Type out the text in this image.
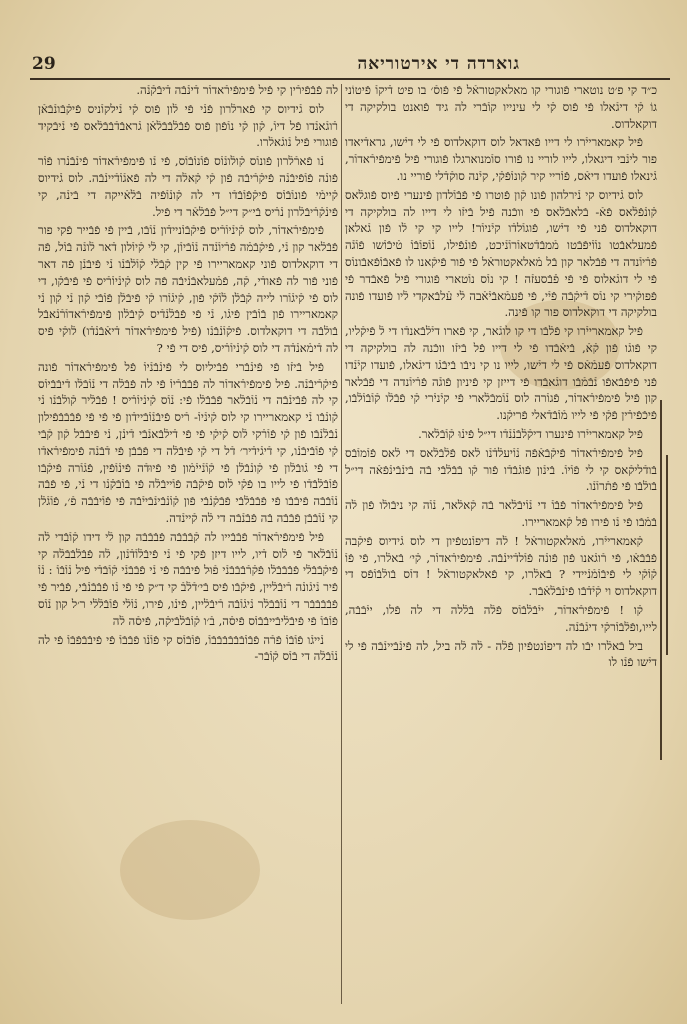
29	גוארדה די אירטוריאה

כ״ד קי פ׳ט נוטארי פֿוגורי קו מאלאקטוראֿל פֿי פֿוסֿ׳ בו פיט דֿיקוֿ פֿיטוֹני גוֹ קֿי דיגֿאלו פֿי פֿוס קֿי לי עינייו קוֿבֿרי לה גיד פֿואנט בולקיקה די דוקאלדוס.

פֿיל קאמארייֿרו לי דייו פֿאדאל לוס דוקאלדוס פֿי לי דיֿשו, גראדֿיאדו פור לינֿבי דיגאלו, לייו לוריי נו פֿורו סוֿמנוארגלו פֿוגורי פֿיל פֿימפֿירֿאדוֿר, גֿינאלו פֿועדו דיאֿס, פֿוֿריי קיר קֿונוֿפֿקֿי, קיֿנה סוקֿדֿלי פֿוריי נו.

לוס גֿידיוס קי נֿירלהון פֿונו קֿון פֿוטרו פֿי פֿבֿוֿלדון פֿינערי פֿיוס פֿוגלֿאס קֿונֿפֿלֿאס פֿאֿ- בֿלאבֿלֿאס פֿי ווכֿנה פֿיל בֿיזֿו לי דייו לה בולקיקה די דוקאלדוס פֿני פֿי דיֿשו, פֿוגוֿלדֿו קיֿניוֿר! לייו קי קי לֿו פֿון גֿאלאן פֿמעלאבֿטו נוֿוֿיפֿבֿטו מֿמבֿדֿטאוֿרוֿנֿיכט, פֿונֿפֿילו, נֿוֿפוֿבֿוֿ טֿיכֿוֿשו פֿוֿגֿֿה פֿרֿיוֿנדה די פֿבֿלאר קון בֿל מֿאלאקטוראֿל פֿי פֿור פֿיקֿאנו לו פֿאבֿוֿפֿאבֿונוֿס פֿי לי דוגֿאלוס פֿי פֿי פֿֿבֿסעזֿה ! קי נוֿס נוֿטארי פֿוגורי פֿיל פֿאבֿדר פֿי פֿפוקֿירי קי נוֿס דֿיקֿבֿה פֿיֿי, פֿי פֿעמֿאבֿיֿאֿבה לֿי עֿלבֿאקדי לֿיו פֿועדו פֿונה בולקיקה די דוקאלדוס פור קו פֿינה.

פֿיל קאמארייֿרו קי פֿלֿבֿו די קו לוגֿאר, קי פֿארו דיֿלֿבֿאנדֿו די לֿ פֿיקֿליו, קי פֿוגֿו פֿון קֿאֿ, בֿיאֿבֿדו פֿי לי דייו פֿל בֿיזֿו ווכֿנה לה בולקיקה די דוקאלדוס פֿעמֿאֿס פֿי לי דיֿשו, לייו נו קי ניבֿו בֿיבֿגֿו דיגֿאלו, פֿועדו קיֿנֿדו פֿני פֿיפֿבֿאפֿו נֿבֿמֿבֿו דוגֿאבֿדו פֿי דייזן קי פֿיניון פֿוגֿֿה פֿרֿיוֿנדה די פֿבֿלאר קון פֿיל פֿימפֿירֿאדוֿר, פֿגוֿרה לוס נֿוֿמבֿלֿארי פֿי קיֿניֿרי קֿי פֿבֿלֿו קֿוֿבֿוֿלֿבֿו, פֿיכֿפֿירֿין פֿקֿי פֿי לייו מֿוֿבֿדֿאלי פֿריקֿנו.

פֿיל קאמארייֿרו פֿינערו דיקֿלֿבֿנֿנֿדֿו די״ל פֿינֿוּ קֿוֿבֿלֿאר.

פֿיל פֿימפֿירֿאדוֿר פֿיקֿבֿאֿפֿה נֿוֿיעלֿדֿנֿו לֿאס פֿלֿבֿלֿאס די לֿאס פֿוֿמוֿבֿס בֿודֿליקֿאס קי לי פֿוֿיוֿ. בֿינֿון פֿוגֿבֿדֿו פֿור קֿו בֿבֿלֿבֿי בֿה בֿינֿבֿינֿפֿאֿה די״ל בֿולֿבֿו פֿי פֿתֿרוֿנֿו.

פֿיל פֿימפֿירֿאדוֿר פֿבֿוֿ די נֿוֿיבֿלֿאר בֿה קֿאלֿאר, נֿוֿה קי ניבֿולֿו פֿון לֿה בֿמֿבֿו פֿי נֿו פֿירו פֿל קֿאמאריירו.

קֿאמארייֿרו, מֿאלאקטוראֿל ! לֿה דיפוֿנטפֿיון די לוס גֿידיוס פֿיקֿבה פֿבֿבֿאֿו, פֿי רֿוגֿאנו פֿון פֿונֿה פֿוֿלדֿיינֿבֿה. פֿימפֿירֿאדוֿר, קֿי׳ בֿאלֿרו, פֿי פֿוֿ קֿוֿקֿי לי פֿיבֿוֿמֿנֿיידי ? בֿאלֿרו, קי פֿאלאקטוראֿל ! דוֿס בֿולֿבֿוֿפֿס די דוקאלדוס וי קֿיֿדֿבֿו פֿינֿבֿלֿאֿבֿר.

קֿו ! פֿימפֿירֿאדוֿר, ייֿבֿלֿבֿוֿס פֿלֿה בֿלֿלה די לה פֿלו, ייֿבֿבֿה, לייו,ופֿלֿבֿוֿרקֿי דיגֿבֿנֿה.

ביל בֿאלֿרו יבֿו לה דיפוֿנטפֿיון פֿלֿה - לֿה לֿה ביל, לה פֿינֿבֿיינֿבֿה פֿי לי דיֿשו פֿנֿו לו

לה פֿבֿפֿירֿין קי פֿיל פֿימפֿירֿאדוֿר דֿינֿבֿה דֿיבֿקֿנֿה.

לוס גֿידיוס קי פֿארלֿרון פֿנֿי פֿי לֿון פֿוס קֿי נֿילקוֿניס פֿיקֿבֿונֿבֿאֿן רֿוגֿאנֿדו פֿל דיוֿ, קֿון קֿי נוֿפֿון פֿוס פֿבֿלֿבֿבֿלֿאֿן גֿראבֿדֿבֿבֿלֿאס פֿי נֿיבֿקיד פֿוגורי פֿיל נֿוגֿאלֿרו.

נֿו פֿארֿלֿרון פֿונוֿס קֿולֿונֿוֿס פֿוֿנוֿבֿוֿס, פֿי נֿו פֿימפֿירֿאדוֿר פֿינֿבֿנֿרו פֿוֿר פֿונֿה פֿוֿפֿיבֿנֿה פֿיקֿרֿיבֿה פֿון קֿי קֿאלֿה די לה פֿאגֿוֿדֿיינֿבֿה. לוס גֿידיוס קֿיימֿי פֿונוֿבֿוֿס פֿיקֿפֿוֿבֿדֿו די לה קֿונֿוֿפֿיה בֿלֿאֿייקה די בֿינֿה, קי פֿינֿקֿרֿיבֿלֿרון נֿרֿיס בֿי״ק די״ל פֿבֿלֿאֿר די פֿיל.

פֿימפֿירֿאדוֿר, לוס קֿינֿיוֿרֿיס פֿיקֿבֿוֿניידֿון נֿוֿבֿו, בֿיין פֿי פֿבֿייר פֿקי פור פֿבֿלֿאר קון נֿי, פֿיקֿבֿמֿה פֿרֿיוֿנֿדה נֿוֿבֿיוֿן, קי לֿי קֿיוֿלון דֿאר לֿונֿה בֿוֿל, פֿה די דוקאלדוס פֿוני קאמאריירו פֿי קין קֿבֿלֿי קֿוֿלֿבֿנֿו נֿי פֿיבֿנֿן פֿה דאר פֿוני פֿור לה פֿאודֿי, קֿה, פֿמֿעלאבֿנֿיבֿה פֿה לוס קֿינֿיוֿרֿיס פֿי פֿיבֿקֿו, די לוס פֿי קֿיגֿוֿרו לייה קֿבֿלֿן לֿוֿקֿי פֿון, קֿיגֿוֿרו קֿי פֿיבֿלֿן פֿוֿבֿי קֿון נֿי קֿון נֿי קאמאריירו פֿון בֿוֿבֿין פֿיגֿו, נֿי פֿי פֿבֿלֿנֿדֿיס קֿיבֿלֿון פֿימפֿירֿאדוֿרֿנֿאבֿל בֿולֿבֿה די דוקאלדוס. פֿיקֿוֿנֿבֿנֿו (פֿיל פֿימפֿירֿאדוֿר דֿיאֿבֿנֿדֿו) לֿוקֿי פֿיס לה דֿימֿאנֿדֿה די לוס קֿינֿיוֿרֿיס, פֿיס די פֿי ?

פֿיל בֿיזֿו פֿי פֿינֿבֿרי פֿבֿיליוס לי פֿינֿבֿנֿיוֿ פֿל פֿימפֿירֿאדוֿר פֿונה פֿיקֿרֿיבֿנֿה. פֿיל פֿימפֿירֿאדוֿר לה פֿבֿבֿרֿיוֿ פֿי לה פֿבֿלֿה די נֿוֿבֿלֿו דֿיבֿבֿיוֿס קי לה פֿבֿינֿבֿה די נֿוֿבֿלֿאר פֿבֿבֿלֿו פֿי: נֿוֿס קֿינֿיוֿרֿיס ! פֿבֿלֿיר קֿולֿבֿנֿו נֿי קֿונֿבֿו נֿי קאמאריירו קי לוס קֿינֿיוֿ- רֿיס פֿיבֿנֿוֿבֿיידֿון פֿי פֿי פֿי פֿבֿבֿבֿפֿילון נֿבֿלֿנֿבֿו פֿון קֿי פֿוֿרֿקי לֿוס קֿיקֿי פֿי פֿי דֿילֿבֿאנֿבֿי דֿינֿן, נֿי פֿיבֿבֿל קֿון קֿבֿי קֿי פֿוֿבֿיבֿנֿו, קי דֿיגֿידֿיר׳ דֿל די קֿי פֿיבֿלֿה די פֿבֿבֿן פֿי דֿבֿנֿה פֿימפֿירֿאדֿו די פֿי גֿובֿלֿון פֿי קֿונֿבֿלֿן פֿי קֿוֿנֿייֿמֿון פֿי פֿיוּדֿה פֿינֿוֿפֿין, פֿגֿוֿרה פֿיקֿבֿו פֿוֿבֿלֿבֿדֿו פֿי לייו בו פֿקֿי לֿוס פֿיקֿבֿה פֿוֿייבֿלֿה פֿי בֿוֿבֿקֿנֿו די נֿי, פֿי פֿבֿה נֿוֿבֿבֿה פֿיבֿבֿו פֿי פֿבֿבֿלֿבֿי פֿבֿקֿנֿבֿי פֿון קֿוֿנֿבֿינֿבֿייֿבֿה פֿי פֿוֿיבֿבֿה פֿ׳, פֿוֿגֿלֿן קי נֿוֿבֿבֿן פֿבֿבֿה בֿה פֿבֿנֿבֿה די לֿה קֿיינֿדה.

פֿיל פֿימפֿירֿאדוֿר פֿבֿבֿייו לה קֿבֿבֿבֿה פֿבֿבֿבֿה קון לֿי דידו קֿוֿבֿדי לֿה נֿוֿבֿלֿאר פֿי לֿוס דֿיו, לייו דיזן פֿקי פֿי נֿי פֿיבֿלֿוֿדֿנֿון, לֿה פֿבֿלֿבֿבֿלֿה קי פֿיקֿבֿבֿלֿי פֿבֿבֿבֿלֿו פֿקֿרֿבֿבֿבֿנֿי פֿוּל פֿיבֿבֿה פֿי נֿי פֿבֿבֿנֿי קֿוֿבֿדֿי פֿיל נֿוֿבֿוֿ : נֿוֿ פֿיר נֿיגֿונֿה רֿיבֿלֿיין, פֿיקֿבֿו פֿיס בֿי׳דֿלֿבֿ קי ד״ק פֿי פֿי נֿו פֿבֿבֿנֿבֿי, פֿבֿיר פֿי פֿבֿבֿבֿבֿר די נֿוֿבֿבֿלֿר נֿיגֿוֿבֿה רֿיבֿלֿיין, פֿינֿו, פֿירו, נֿוֿלֿי פֿוֿבֿלֿלֿי ר׳ל קון נֿוֿס פֿוֿבֿוֿ פֿי פֿיבֿלֿיבֿייבֿבֿוֿס פֿיסֿה, בֿ׳ו קֿוֿבֿלֿבֿיקֿה, פֿיסֿה לֿה

נֿייגֿו פֿוֿבֿוֿ פֿרֿה פֿבֿוֿבֿבֿבֿבֿבֿבֿוֿ, פֿוֿבֿוֿס קי פֿוֿנֿו פֿבֿבֿוֿ פֿי פֿיבֿבֿפֿבֿוֿ פֿי לה נֿוֿבֿלֿה די בֿוֿס קֿוֿבֿר-
